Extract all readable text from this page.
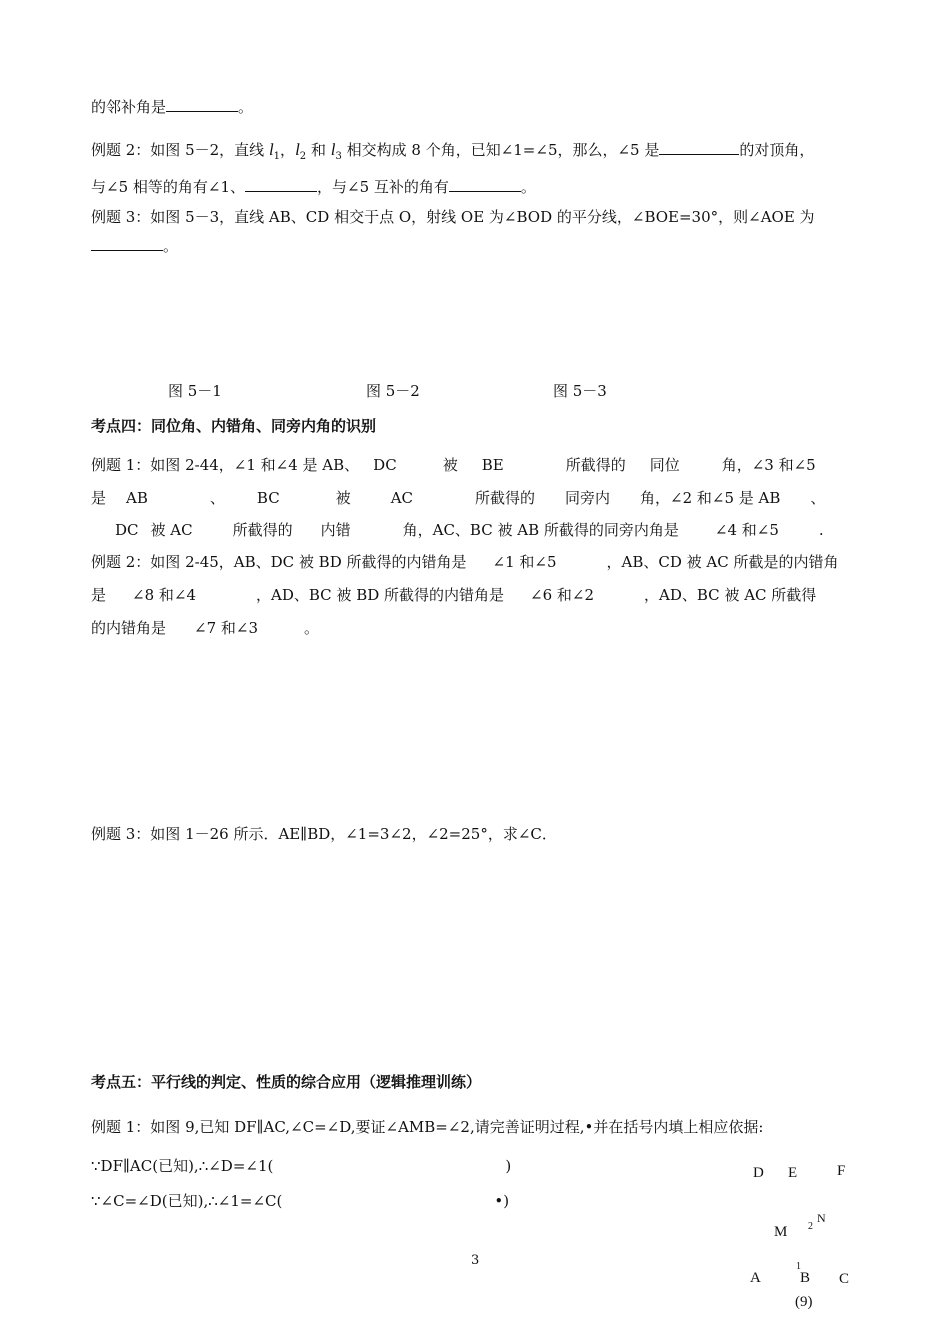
的邻补角是	。
例题 2：如图 5－2，直线 $l_1$，$l_2$ 和 $l_3$ 相交构成 8 个角，已知∠1=∠5，那么，∠5 是	的对顶角，
与∠5 相等的角有∠1、	，与∠5 互补的角有	。
例题 3：如图 5－3，直线 AB、CD 相交于点 O，射线 OE 为∠BOD 的平分线，∠BOE=30°，则∠AOE 为
。
图 5－1	图 5－2	图 5－3
考点四：同位角、内错角、同旁内角的识别
例题 1：如图 2-44，∠1 和∠4 是 AB、 DC	被 BE	所截得的 同位	角，∠3 和∠5
是 AB	、 BC	被	AC	所截得的 同旁内 角，∠2 和∠5 是 AB 、
DC 被 AC	所截得的 内错	角，AC、BC 被 AB 所截得的同旁内角是 ∠4 和∠5	.
例题 2：如图 2-45，AB、DC 被 BD 所截得的内错角是 ∠1 和∠5	，AB、CD 被 AC 所截是的内错角
是 ∠8 和∠4	，AD、BC 被 BD 所截得的内错角是 ∠6 和∠2	，AD、BC 被 AC 所截得
的内错角是 ∠7 和∠3	。
例题 3：如图 1－26 所示．AE∥BD，∠1=3∠2，∠2=25°，求∠C．
考点五：平行线的判定、性质的综合应用（逻辑推理训练）
例题 1：如图 9,已知 DF∥AC,∠C=∠D,要证∠AMB=∠2,请完善证明过程,•并在括号内填上相应依据:
∵DF∥AC(已知),∴∠D=∠1(	)
∵∠C=∠D(已知),∴∠1=∠C(	•)
D E	F
M 2
N
1
A	B C
(9)
3
